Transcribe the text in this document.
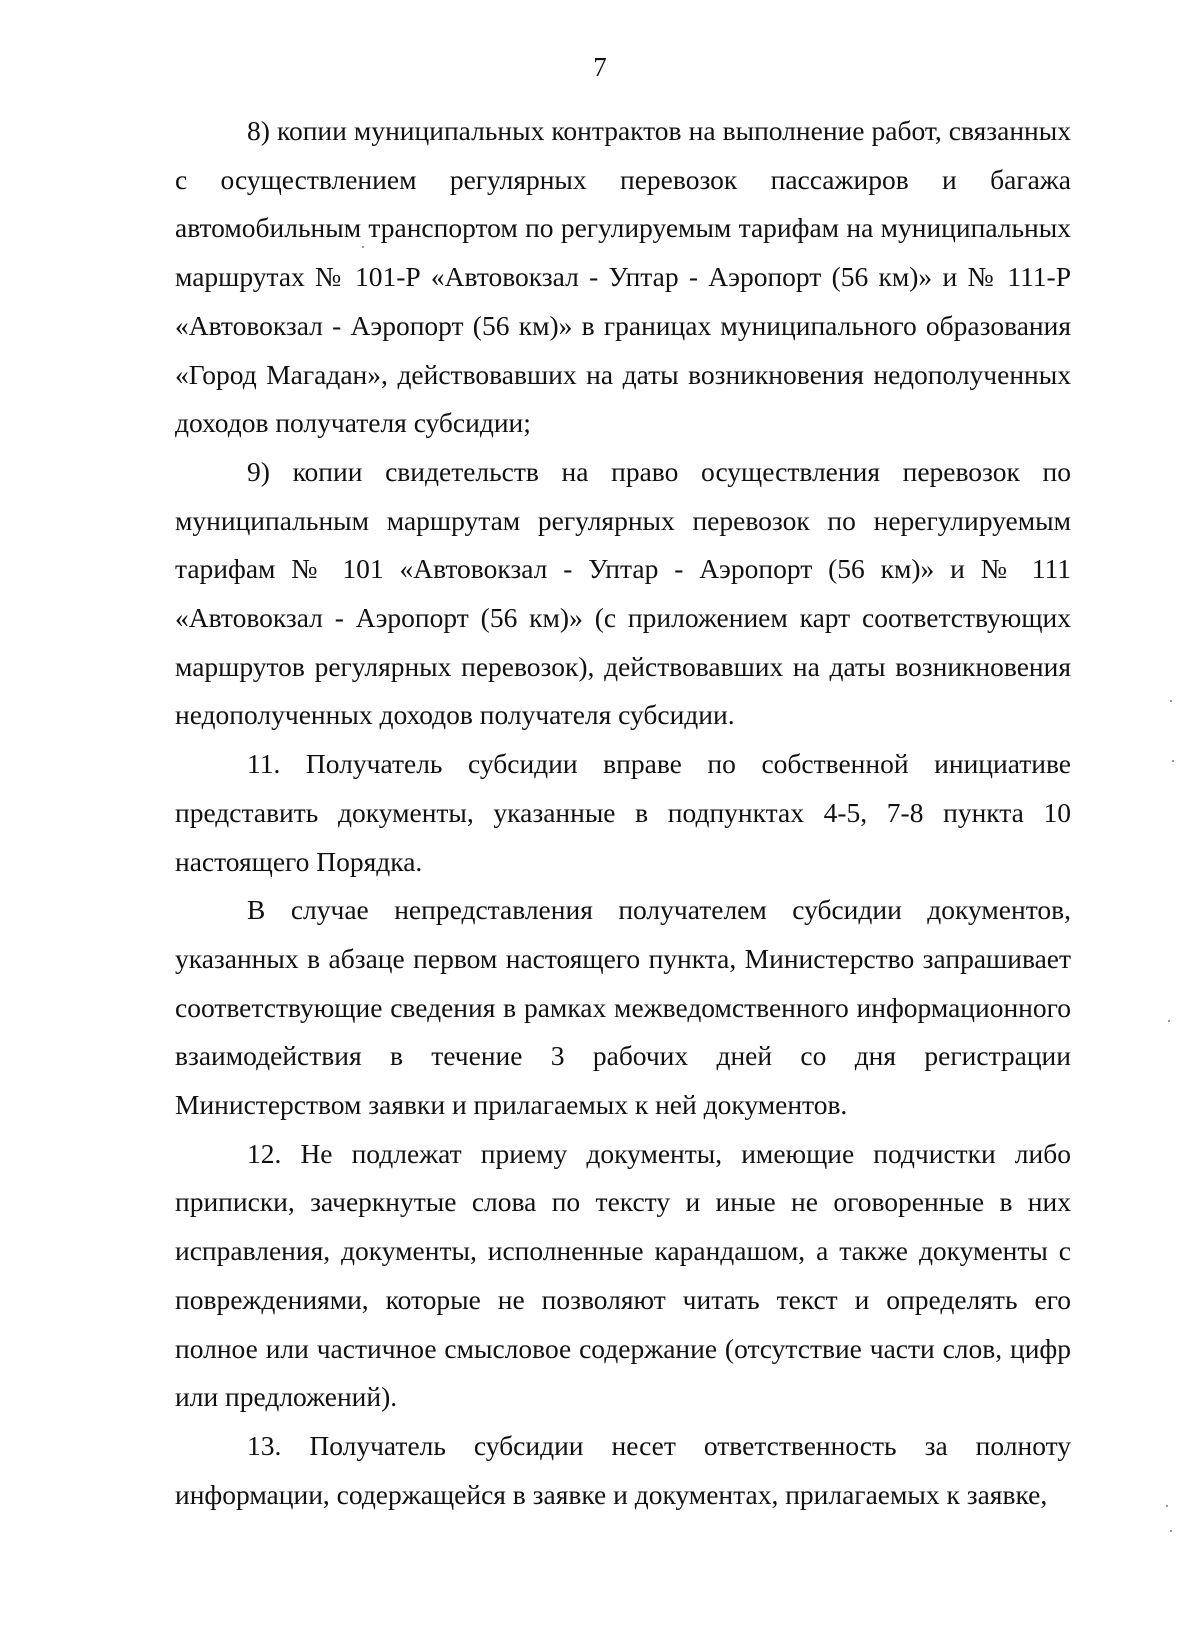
7

8) копии муниципальных контрактов на выполнение работ, связанных с осуществлением регулярных перевозок пассажиров и багажа автомобильным транспортом по регулируемым тарифам на муниципальных маршрутах № 101-Р «Автовокзал - Уптар - Аэропорт (56 км)» и № 111-Р «Автовокзал - Аэропорт (56 км)» в границах муниципального образования «Город Магадан», действовавших на даты возникновения недополученных доходов получателя субсидии;

9) копии свидетельств на право осуществления перевозок по муниципальным маршрутам регулярных перевозок по нерегулируемым тарифам № 101 «Автовокзал - Уптар - Аэропорт (56 км)» и № 111 «Автовокзал - Аэропорт (56 км)» (с приложением карт соответствующих маршрутов регулярных перевозок), действовавших на даты возникновения недополученных доходов получателя субсидии.

11. Получатель субсидии вправе по собственной инициативе представить документы, указанные в подпунктах 4-5, 7-8 пункта 10 настоящего Порядка.

В случае непредставления получателем субсидии документов, указанных в абзаце первом настоящего пункта, Министерство запрашивает соответствующие сведения в рамках межведомственного информационного взаимодействия в течение 3 рабочих дней со дня регистрации Министерством заявки и прилагаемых к ней документов.

12. Не подлежат приему документы, имеющие подчистки либо приписки, зачеркнутые слова по тексту и иные не оговоренные в них исправления, документы, исполненные карандашом, а также документы с повреждениями, которые не позволяют читать текст и определять его полное или частичное смысловое содержание (отсутствие части слов, цифр или предложений).

13. Получатель субсидии несет ответственность за полноту информации, содержащейся в заявке и документах, прилагаемых к заявке,
